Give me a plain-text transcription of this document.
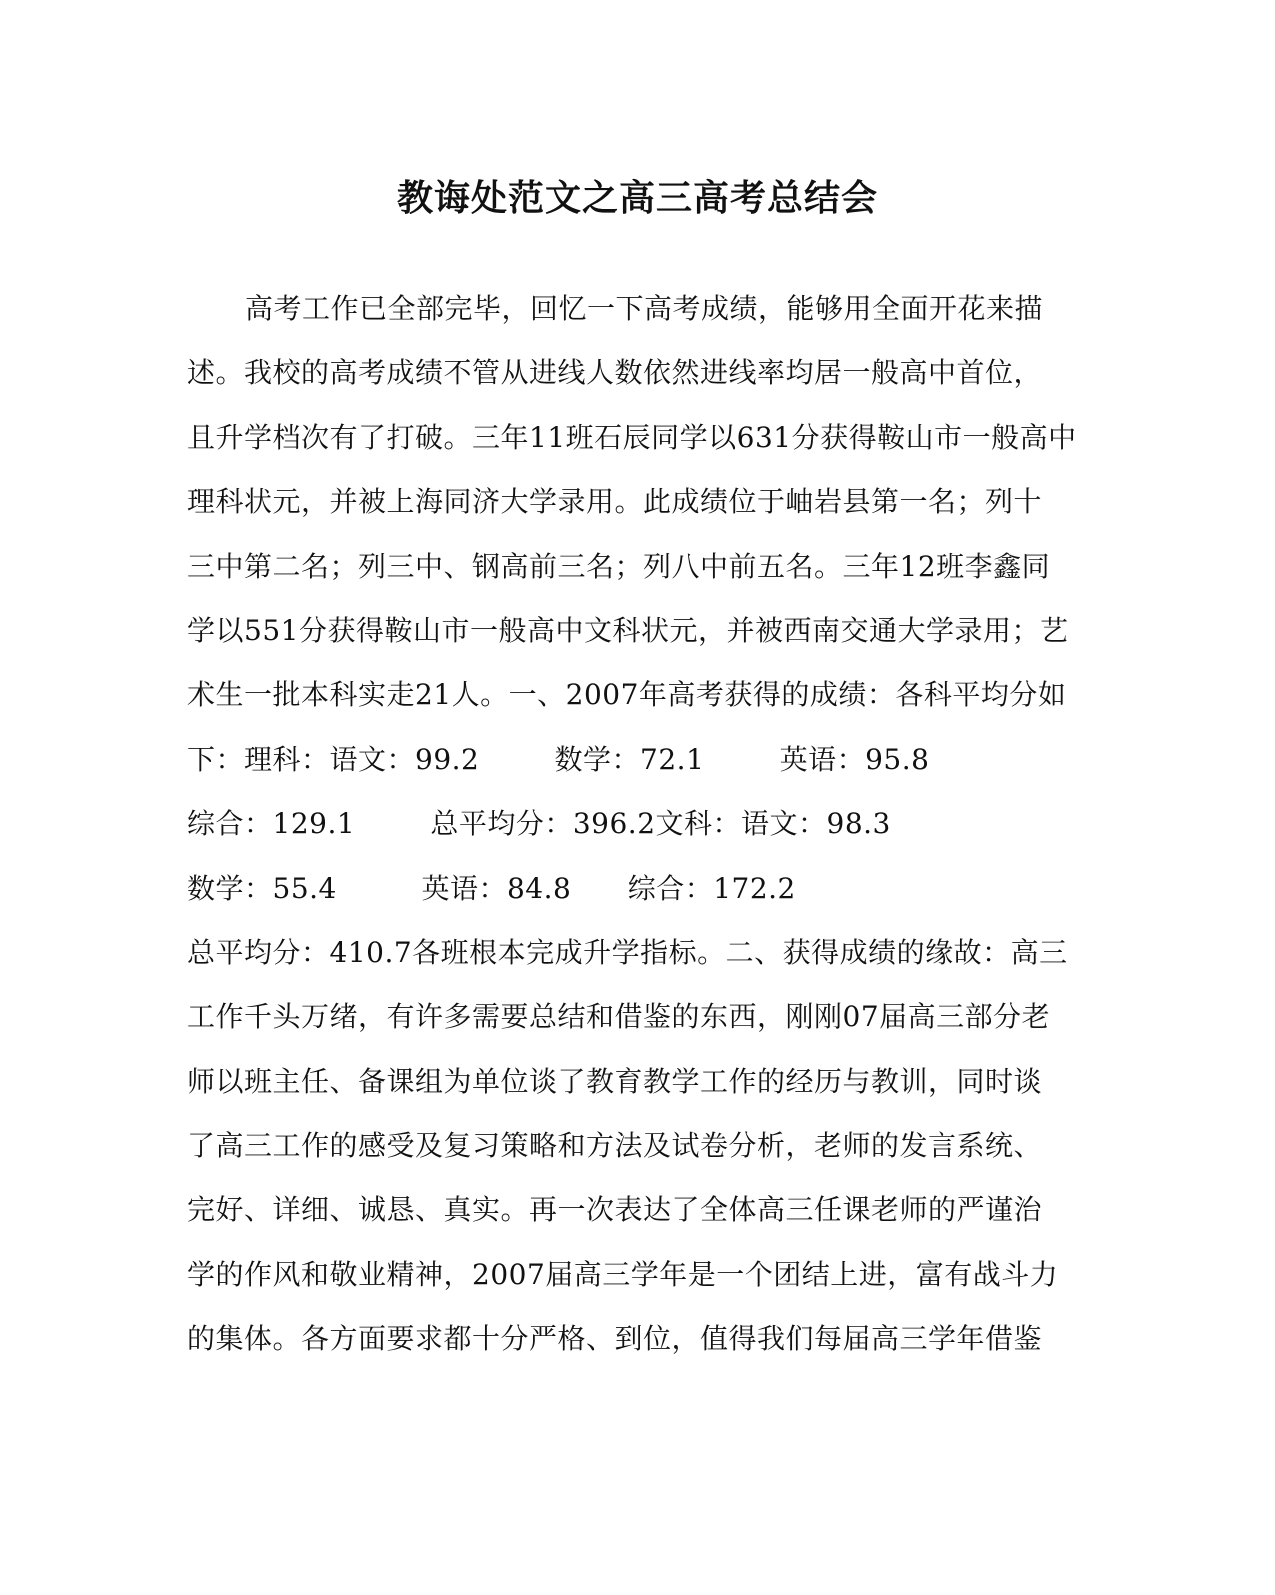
教诲处范文之高三高考总结会
高考工作已全部完毕，回忆一下高考成绩，能够用全面开花来描
述。我校的高考成绩不管从进线人数依然进线率均居一般高中首位，
且升学档次有了打破。三年11班石辰同学以631分获得鞍山市一般高中
理科状元，并被上海同济大学录用。此成绩位于岫岩县第一名；列十
三中第二名；列三中、钢高前三名；列八中前五名。三年12班李鑫同
学以551分获得鞍山市一般高中文科状元，并被西南交通大学录用；艺
术生一批本科实走21人。一、2007年高考获得的成绩：各科平均分如
下：理科：语文：99.2        数学：72.1        英语：95.8
综合：129.1        总平均分：396.2文科：语文：98.3
数学：55.4         英语：84.8      综合：172.2
总平均分：410.7各班根本完成升学指标。二、获得成绩的缘故：高三
工作千头万绪，有许多需要总结和借鉴的东西，刚刚07届高三部分老
师以班主任、备课组为单位谈了教育教学工作的经历与教训，同时谈
了高三工作的感受及复习策略和方法及试卷分析，老师的发言系统、
完好、详细、诚恳、真实。再一次表达了全体高三任课老师的严谨治
学的作风和敬业精神，2007届高三学年是一个团结上进，富有战斗力
的集体。各方面要求都十分严格、到位，值得我们每届高三学年借鉴
